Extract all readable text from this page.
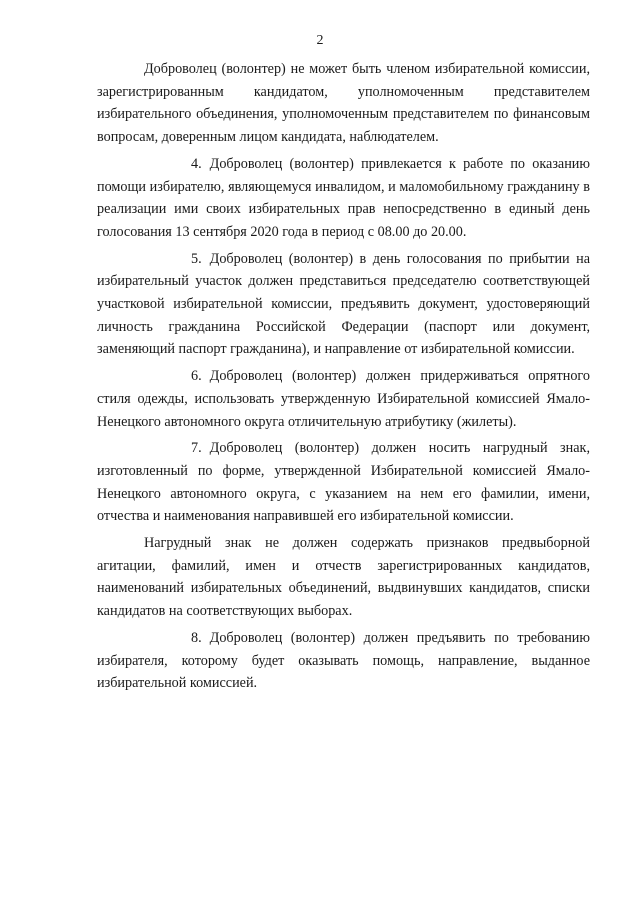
2

Доброволец (волонтер) не может быть членом избирательной комиссии, зарегистрированным кандидатом, уполномоченным представителем избирательного объединения, уполномоченным представителем по финансовым вопросам, доверенным лицом кандидата, наблюдателем.

4. Доброволец (волонтер) привлекается к работе по оказанию помощи избирателю, являющемуся инвалидом, и маломобильному гражданину в реализации ими своих избирательных прав непосредственно в единый день голосования 13 сентября 2020 года в период с 08.00 до 20.00.

5. Доброволец (волонтер) в день голосования по прибытии на избирательный участок должен представиться председателю соответствующей участковой избирательной комиссии, предъявить документ, удостоверяющий личность гражданина Российской Федерации (паспорт или документ, заменяющий паспорт гражданина), и направление от избирательной комиссии.

6. Доброволец (волонтер) должен придерживаться опрятного стиля одежды, использовать утвержденную Избирательной комиссией Ямало-Ненецкого автономного округа отличительную атрибутику (жилеты).

7. Доброволец (волонтер) должен носить нагрудный знак, изготовленный по форме, утвержденной Избирательной комиссией Ямало-Ненецкого автономного округа, с указанием на нем его фамилии, имени, отчества и наименования направившей его избирательной комиссии.

Нагрудный знак не должен содержать признаков предвыборной агитации, фамилий, имен и отчеств зарегистрированных кандидатов, наименований избирательных объединений, выдвинувших кандидатов, списки кандидатов на соответствующих выборах.

8. Доброволец (волонтер) должен предъявить по требованию избирателя, которому будет оказывать помощь, направление, выданное избирательной комиссией.
